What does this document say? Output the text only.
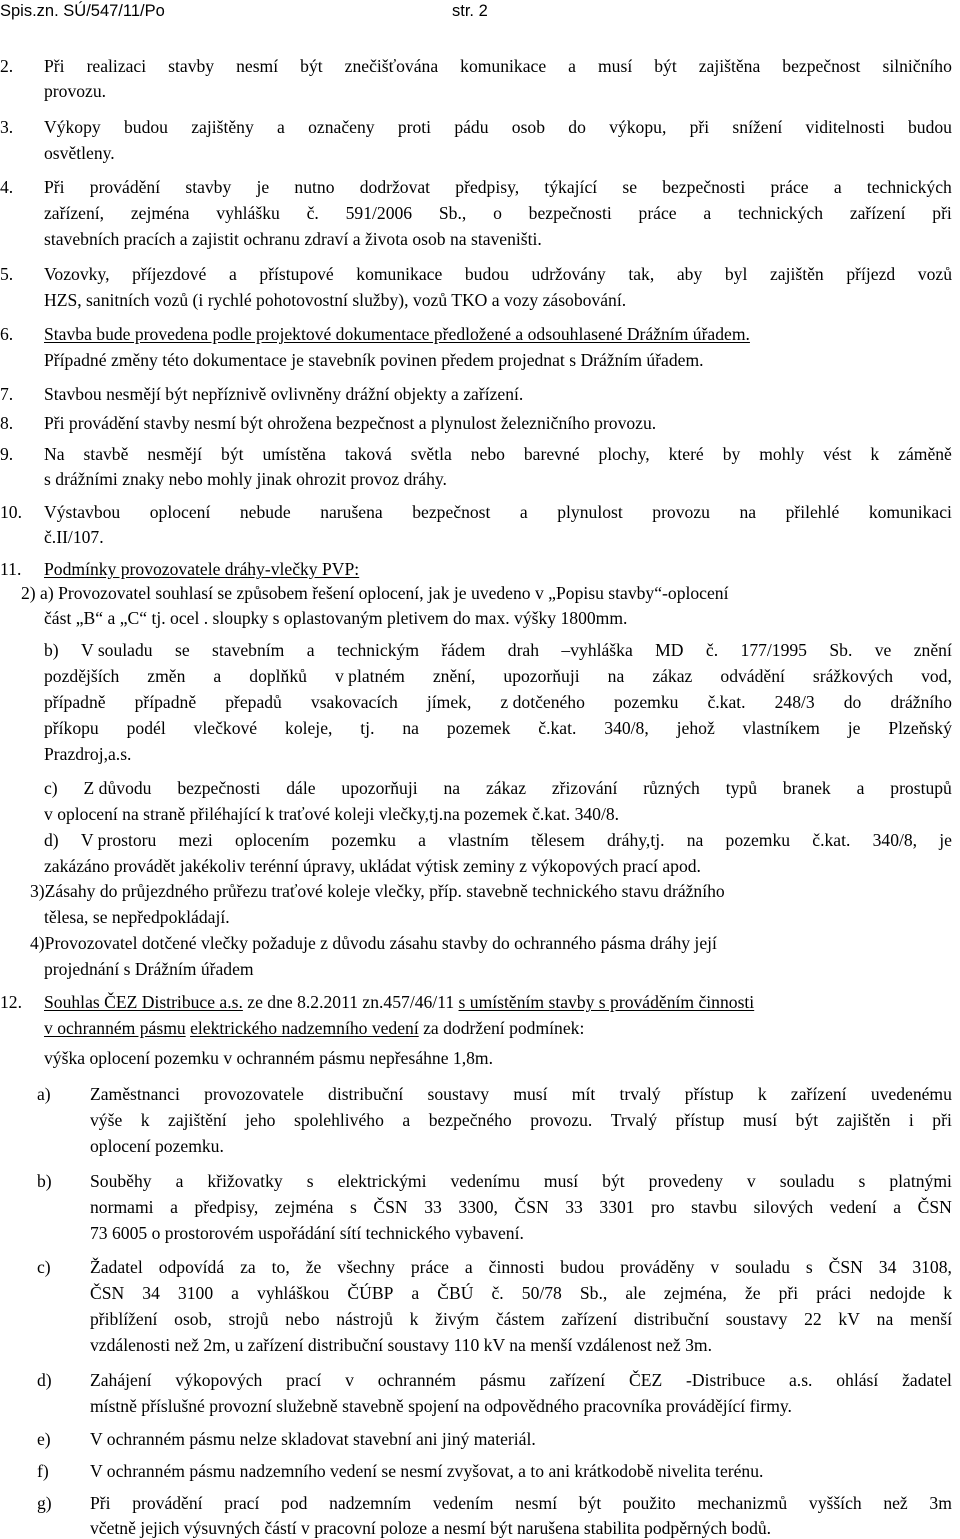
Spis.zn. SÚ/547/11/Po	str. 2
2. Při realizaci stavby nesmí být znečišťována komunikace a musí být zajištěna bezpečnost silničního
provozu.
3. Výkopy budou zajištěny a označeny proti pádu osob do výkopu, při snížení viditelnosti budou
osvětleny.
4. Při provádění stavby je nutno dodržovat předpisy, týkající se bezpečnosti práce a technických
zařízení, zejména vyhlášku č. 591/2006 Sb., o bezpečnosti práce a technických zařízení při
stavebních pracích a zajistit ochranu zdraví a života osob na staveništi.
5. Vozovky, příjezdové a přístupové komunikace budou udržovány tak, aby byl zajištěn příjezd vozů
HZS, sanitních vozů (i rychlé pohotovostní služby), vozů TKO a vozy zásobování.
6. Stavba bude provedena podle projektové dokumentace předložené a odsouhlasené Drážním úřadem.
Případné změny této dokumentace je stavebník povinen předem projednat s Drážním úřadem.
7. Stavbou nesmějí být nepříznivě ovlivněny drážní objekty a zařízení.
8. Při provádění stavby nesmí být ohrožena bezpečnost a plynulost železničního provozu.
9. Na stavbě nesmějí být umístěna taková světla nebo barevné plochy, které by mohly vést k záměně
s drážními znaky nebo mohly jinak ohrozit provoz dráhy.
10. Výstavbou oplocení nebude narušena bezpečnost a plynulost provozu na přilehlé komunikaci
č.II/107.
11. Podmínky provozovatele dráhy-vlečky PVP:
2) a) Provozovatel souhlasí se způsobem řešení oplocení, jak je uvedeno v „Popisu stavby“-oplocení
část „B“ a „C“ tj. ocel . sloupky s oplastovaným pletivem do max. výšky 1800mm.
b) V souladu se stavebním a technickým řádem drah –vyhláška MD č. 177/1995 Sb. ve znění
pozdějších změn a doplňků v platném znění, upozorňuji na zákaz odvádění srážkových vod,
případně případně přepadů vsakovacích jímek, z dotčeného pozemku č.kat. 248/3 do drážního
příkopu podél vlečkové koleje, tj. na pozemek č.kat. 340/8, jehož vlastníkem je Plzeňský
Prazdroj,a.s.
c) Z důvodu bezpečnosti dále upozorňuji na zákaz zřizování různých typů branek a prostupů
v oplocení na straně přiléhající k traťové koleji vlečky,tj.na pozemek č.kat. 340/8.
d) V prostoru mezi oplocením pozemku a vlastním tělesem dráhy,tj. na pozemku č.kat. 340/8, je
zakázáno provádět jakékoliv terénní úpravy, ukládat výtisk zeminy z výkopových prací apod.
3)Zásahy do průjezdného průřezu traťové koleje vlečky, příp. stavebně technického stavu drážního
tělesa, se nepředpokládají.
4)Provozovatel dotčené vlečky požaduje z důvodu zásahu stavby do ochranného pásma dráhy její
projednání s Drážním úřadem
12. Souhlas ČEZ Distribuce a.s. ze dne 8.2.2011 zn.457/46/11 s umístěním stavby s prováděním činnosti
v ochranném pásmu elektrického nadzemního vedení za dodržení podmínek:
výška oplocení pozemku v ochranném pásmu nepřesáhne 1,8m.
a) Zaměstnanci provozovatele distribuční soustavy musí mít trvalý přístup k zařízení uvedenému
výše k zajištění jeho spolehlivého a bezpečného provozu. Trvalý přístup musí být zajištěn i při
oplocení pozemku.
b) Souběhy a křižovatky s elektrickými vedenímu musí být provedeny v souladu s platnými
normami a předpisy, zejména s ČSN 33 3300, ČSN 33 3301 pro stavbu silových vedení a ČSN
73 6005 o prostorovém uspořádání sítí technického vybavení.
c) Žadatel odpovídá za to, že všechny práce a činnosti budou prováděny v souladu s ČSN 34 3108,
ČSN 34 3100 a vyhláškou ČÚBP a ČBÚ č. 50/78 Sb., ale zejména, že při práci nedojde k
přiblížení osob, strojů nebo nástrojů k živým částem zařízení distribuční soustavy 22 kV na menší
vzdálenosti než 2m, u zařízení distribuční soustavy 110 kV na menší vzdálenost než 3m.
d) Zahájení výkopových prací v ochranném pásmu zařízení ČEZ -Distribuce a.s. ohlásí žadatel
místně příslušné provozní služebně stavebně spojení na odpovědného pracovníka provádějící firmy.
e) V ochranném pásmu nelze skladovat stavební ani jiný materiál.
f) V ochranném pásmu nadzemního vedení se nesmí zvyšovat, a to ani krátkodobě nivelita terénu.
g) Při provádění prací pod nadzemním vedením nesmí být použito mechanizmů vyšších než 3m
včetně jejich výsuvných částí v pracovní poloze a nesmí být narušena stabilita podpěrných bodů.
